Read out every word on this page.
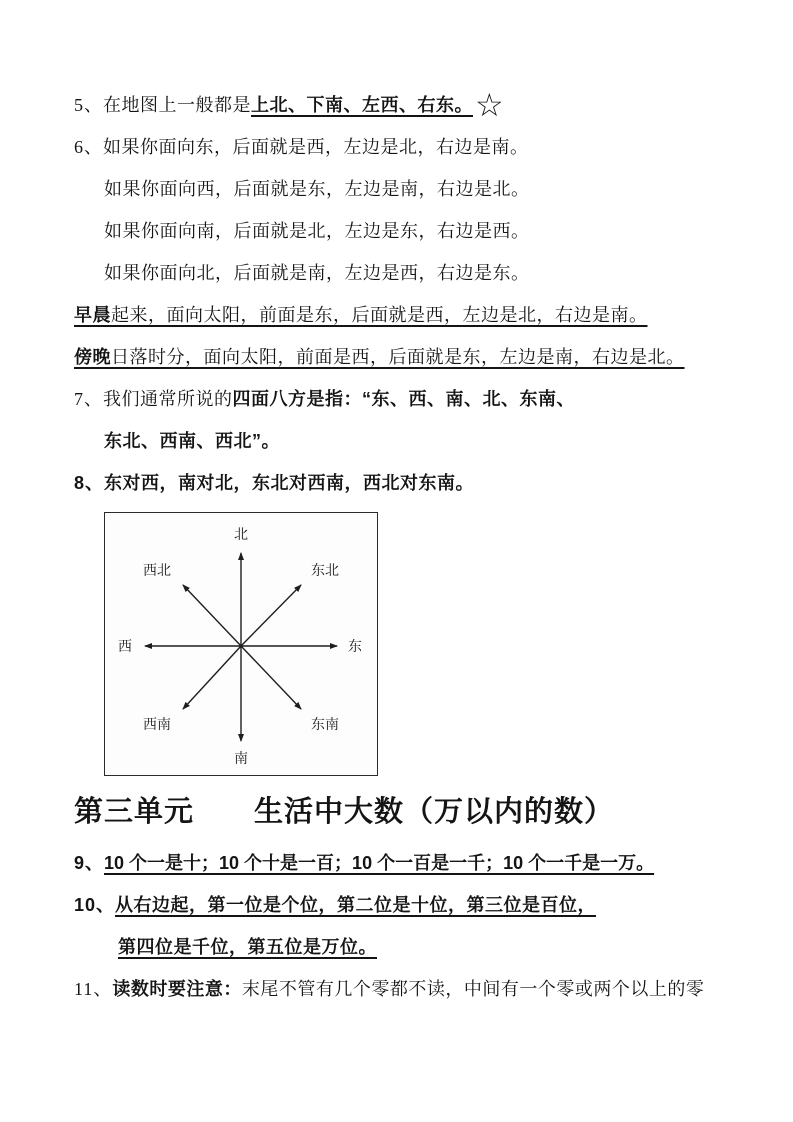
5、在地图上一般都是上北、下南、左西、右东。☆

6、如果你面向东，后面就是西，左边是北，右边是南。

如果你面向西，后面就是东，左边是南，右边是北。

如果你面向南，后面就是北，左边是东，右边是西。

如果你面向北，后面就是南，左边是西，右边是东。

早晨起来，面向太阳，前面是东，后面就是西，左边是北，右边是南。

傍晚日落时分，面向太阳，前面是西，后面就是东，左边是南，右边是北。

7、我们通常所说的四面八方是指：“东、西、南、北、东南、

东北、西南、西北”。

8、东对西，南对北，东北对西南，西北对东南。

北
南
西	东
西北	东北
西南	东南
第三单元　　生活中大数（万以内的数）

9、10 个一是十；10 个十是一百；10 个一百是一千；10 个一千是一万。

10、从右边起，第一位是个位，第二位是十位，第三位是百位，

第四位是千位，第五位是万位。

11、读数时要注意：末尾不管有几个零都不读，中间有一个零或两个以上的零
